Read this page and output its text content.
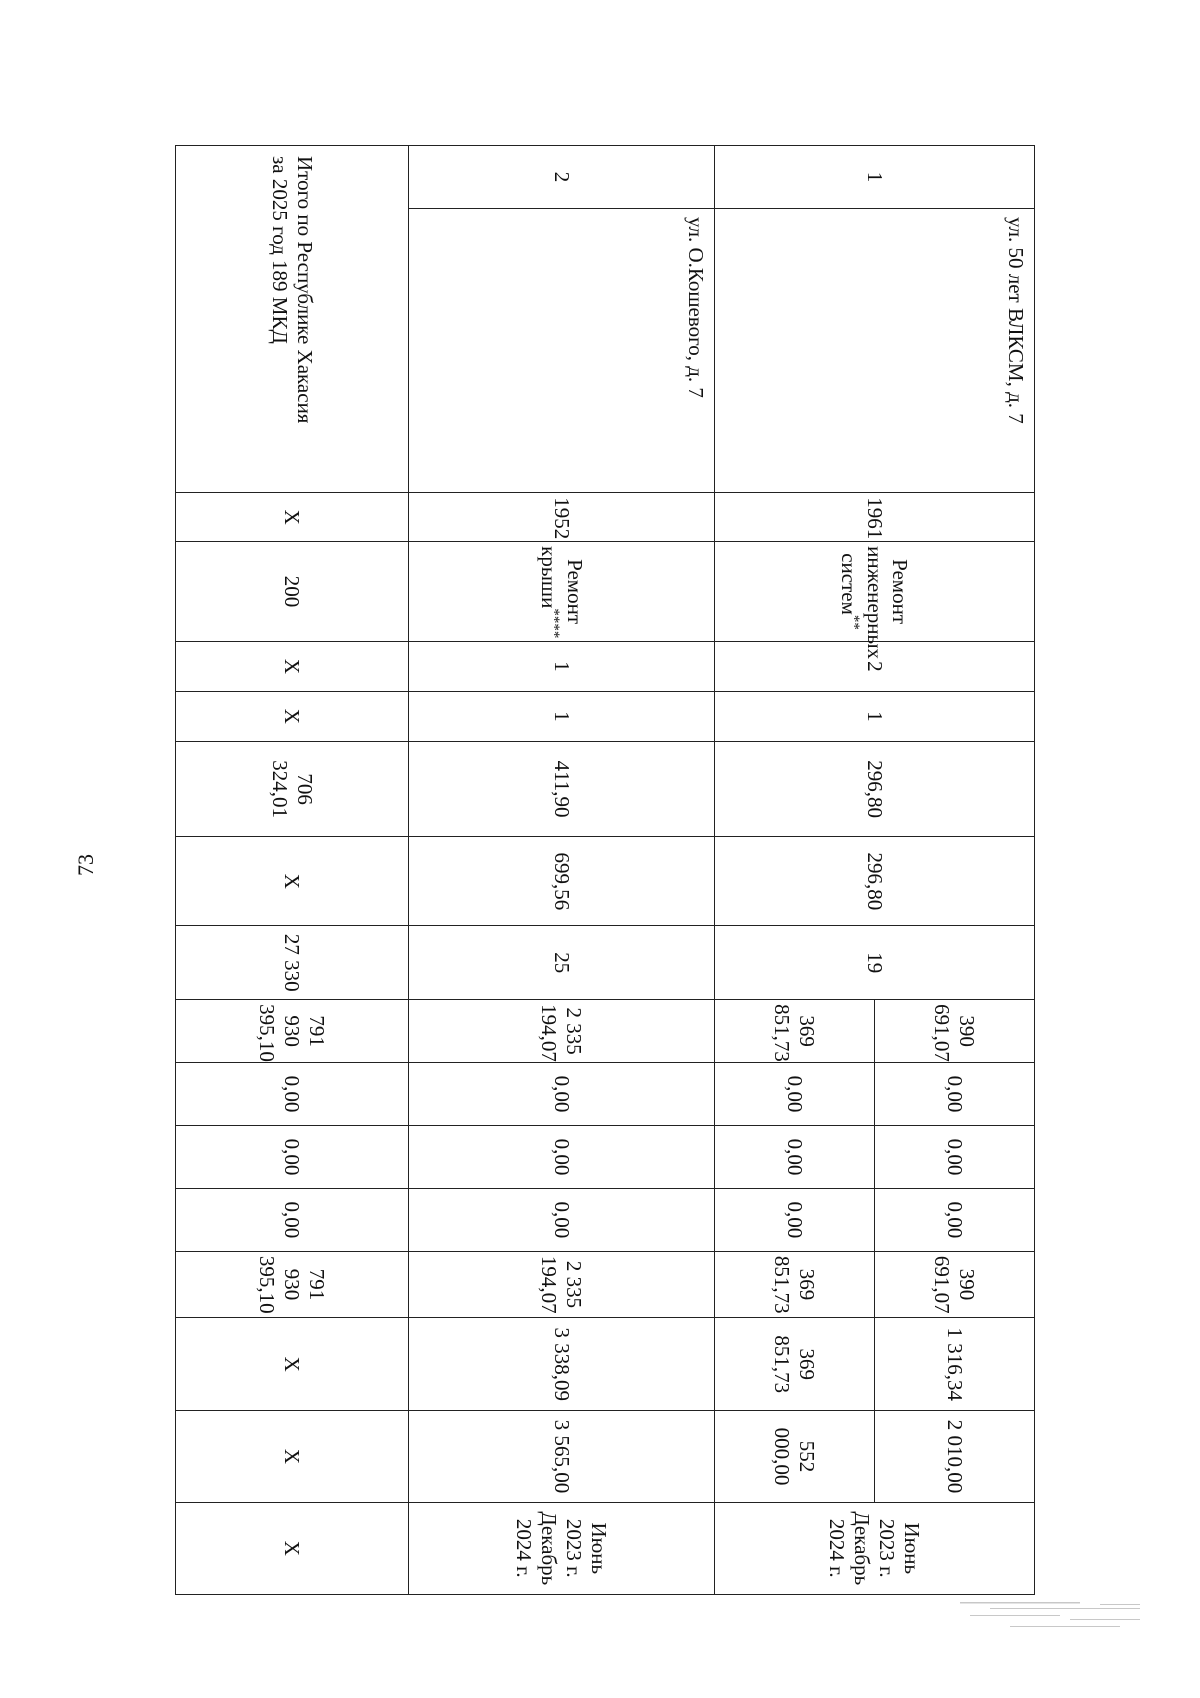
73
1	ул. 50 лет ВЛКСМ, д. 7	1961	Ремонт инженерных систем**	2	1	296,80	296,80	19	390 691,07	0,00	0,00	0,00	390 691,07	1 316,34	2 010,00	Июнь 2023 г.
Декабрь 2024 г.

									369 851,73	0,00	0,00	0,00	369 851,73	369 851,73	552 000,00	
2	ул. О.Кошевого, д. 7	1952	Ремонт крыши****	1	1	411,90	699,56	25	2 335 194,07	0,00	0,00	0,00	2 335 194,07	3 338,09	3 565,00	Июнь 2023 г.
Декабрь 2024 г.

Итого по Республике Хакасия
за 2025 год 189 МКД		Х	200	Х	Х	706 324,01	Х	27 330	791 930 395,10	0,00	0,00	0,00	791 930 395,10	Х	Х	Х
